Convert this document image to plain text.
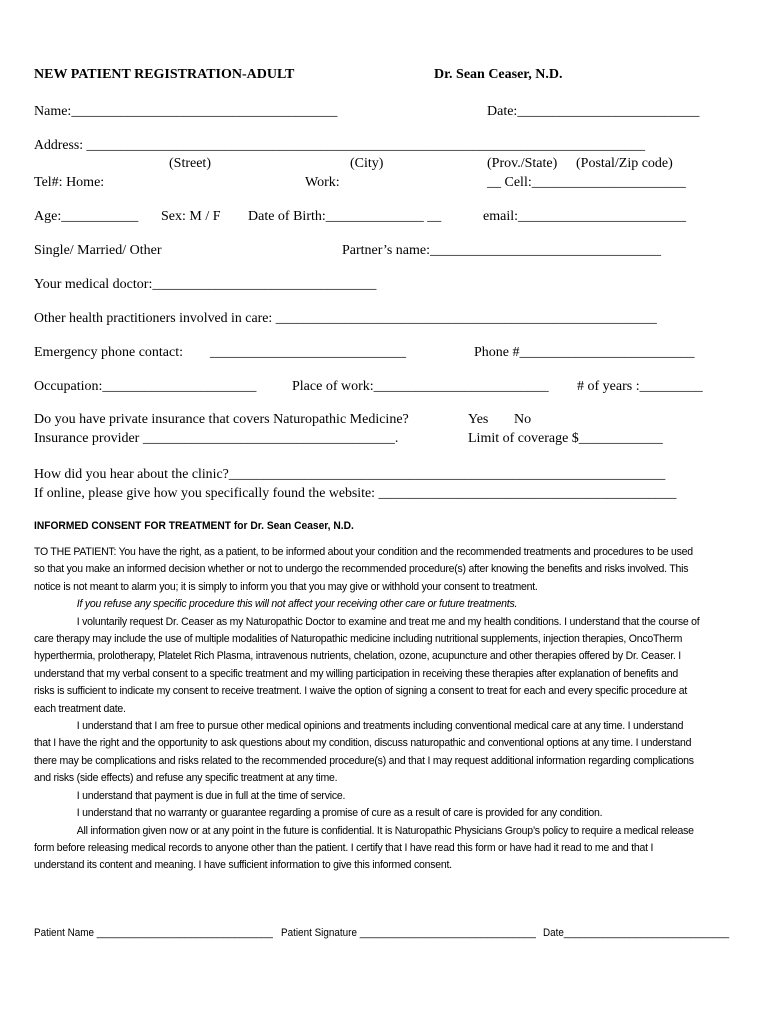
NEW PATIENT REGISTRATION-ADULT	Dr. Sean Ceaser, N.D.
Name:______________________________________	Date:__________________________
Address: _________________________________________________________________________________
(Street)	(City)	(Prov./State) (Postal/Zip code)
Tel#: Home:	Work:	__ Cell:______________________
Age:___________ Sex: M / F Date of Birth:______________ __	email:________________________
Single/ Married/ Other	Partner’s name:_________________________________
Your medical doctor:________________________________
Other health practitioners involved in care: _______________________________________________________
Emergency phone contact: ____________________________	Phone #_________________________
Occupation:______________________	Place of work:_________________________ # of years :_________
Do you have private insurance that covers Naturopathic Medicine?	Yes No
Insurance provider ____________________________________.	Limit of coverage $____________
How did you hear about the clinic?_______________________________________________________________
If online, please give how you specifically found the website: ___________________________________________
INFORMED CONSENT FOR TREATMENT for Dr. Sean Ceaser, N.D.

TO THE PATIENT: You have the right, as a patient, to be informed about your condition and the recommended treatments and procedures to be used so that you make an informed decision whether or not to undergo the recommended procedure(s) after knowing the benefits and risks involved. This notice is not meant to alarm you; it is simply to inform you that you may give or withhold your consent to treatment.

If you refuse any specific procedure this will not affect your receiving other care or future treatments.

I voluntarily request Dr. Ceaser as my Naturopathic Doctor to examine and treat me and my health conditions. I understand that the course of care therapy may include the use of multiple modalities of Naturopathic medicine including nutritional supplements, injection therapies, OncoTherm hyperthermia, prolotherapy, Platelet Rich Plasma, intravenous nutrients, chelation, ozone, acupuncture and other therapies offered by Dr. Ceaser. I understand that my verbal consent to a specific treatment and my willing participation in receiving these therapies after explanation of benefits and risks is sufficient to indicate my consent to receive treatment. I waive the option of signing a consent to treat for each and every specific procedure at each treatment date.

I understand that I am free to pursue other medical opinions and treatments including conventional medical care at any time. I understand that I have the right and the opportunity to ask questions about my condition, discuss naturopathic and conventional options at any time. I understand there may be complications and risks related to the recommended procedure(s) and that I may request additional information regarding complications and risks (side effects) and refuse any specific treatment at any time.

I understand that payment is due in full at the time of service.

I understand that no warranty or guarantee regarding a promise of cure as a result of care is provided for any condition.

All information given now or at any point in the future is confidential. It is Naturopathic Physicians Group’s policy to require a medical release form before releasing medical records to anyone other than the patient. I certify that I have read this form or have had it read to me and that I understand its content and meaning. I have sufficient information to give this informed consent.

Patient Name ________________________________ Patient Signature ________________________________ Date______________________________
